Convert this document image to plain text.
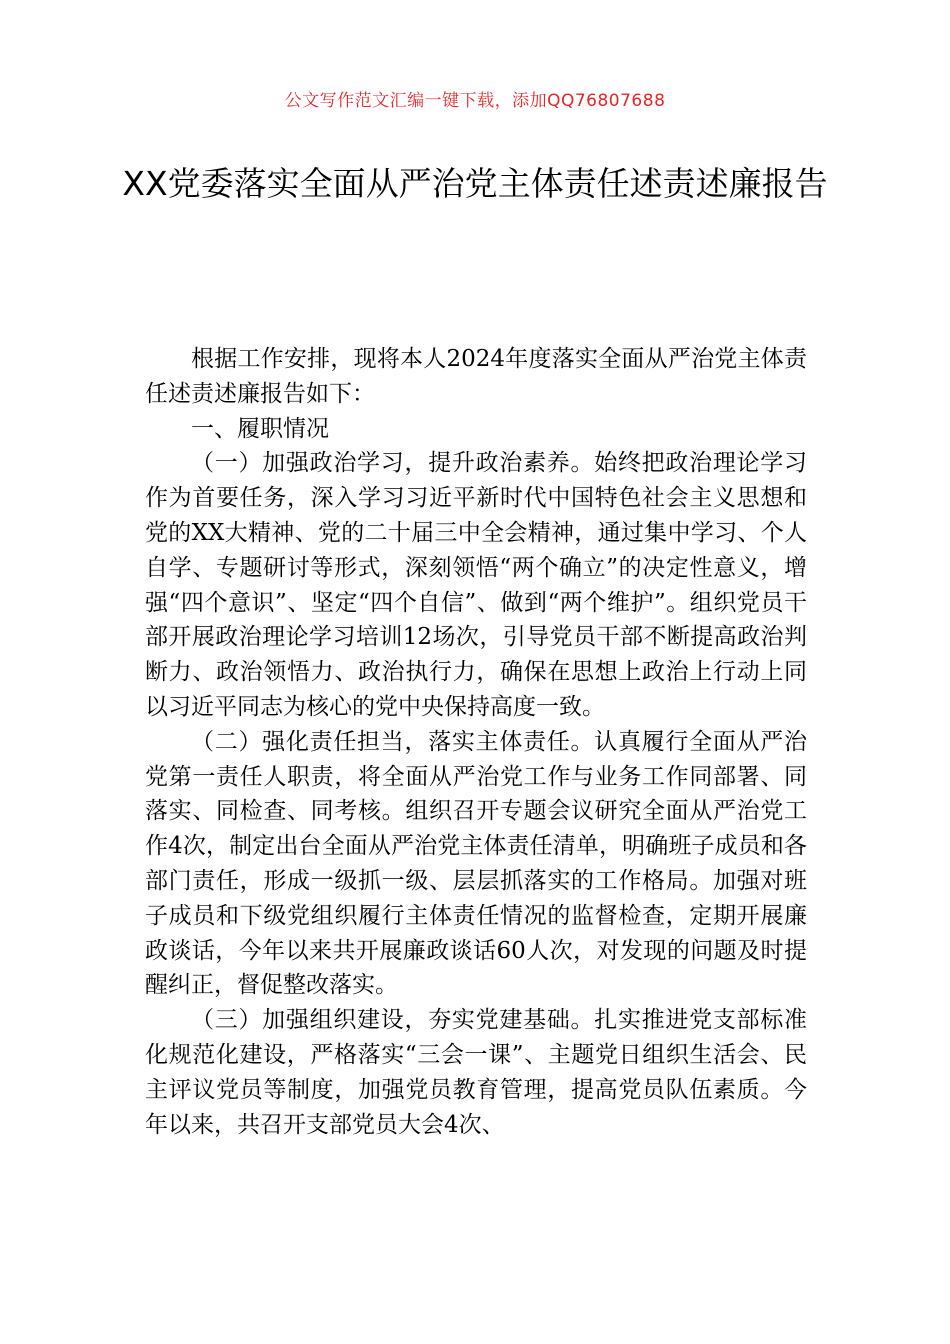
公文写作范文汇编一键下载，添加QQ76807688
XX党委落实全面从严治党主体责任述责述廉报告

根据工作安排，现将本人2024年度落实全面从严治党主体责任述责述廉报告如下：

一、履职情况

（一）加强政治学习，提升政治素养。始终把政治理论学习作为首要任务，深入学习习近平新时代中国特色社会主义思想和党的XX大精神、党的二十届三中全会精神，通过集中学习、个人自学、专题研讨等形式，深刻领悟“两个确立”的决定性意义，增强“四个意识”、坚定“四个自信”、做到“两个维护”。组织党员干部开展政治理论学习培训12场次，引导党员干部不断提高政治判断力、政治领悟力、政治执行力，确保在思想上政治上行动上同以习近平同志为核心的党中央保持高度一致。

（二）强化责任担当，落实主体责任。认真履行全面从严治党第一责任人职责，将全面从严治党工作与业务工作同部署、同落实、同检查、同考核。组织召开专题会议研究全面从严治党工作4次，制定出台全面从严治党主体责任清单，明确班子成员和各部门责任，形成一级抓一级、层层抓落实的工作格局。加强对班子成员和下级党组织履行主体责任情况的监督检查，定期开展廉政谈话，今年以来共开展廉政谈话60人次，对发现的问题及时提醒纠正，督促整改落实。

（三）加强组织建设，夯实党建基础。扎实推进党支部标准化规范化建设，严格落实“三会一课”、主题党日组织生活会、民主评议党员等制度，加强党员教育管理，提高党员队伍素质。今年以来，共召开支部党员大会4次、
